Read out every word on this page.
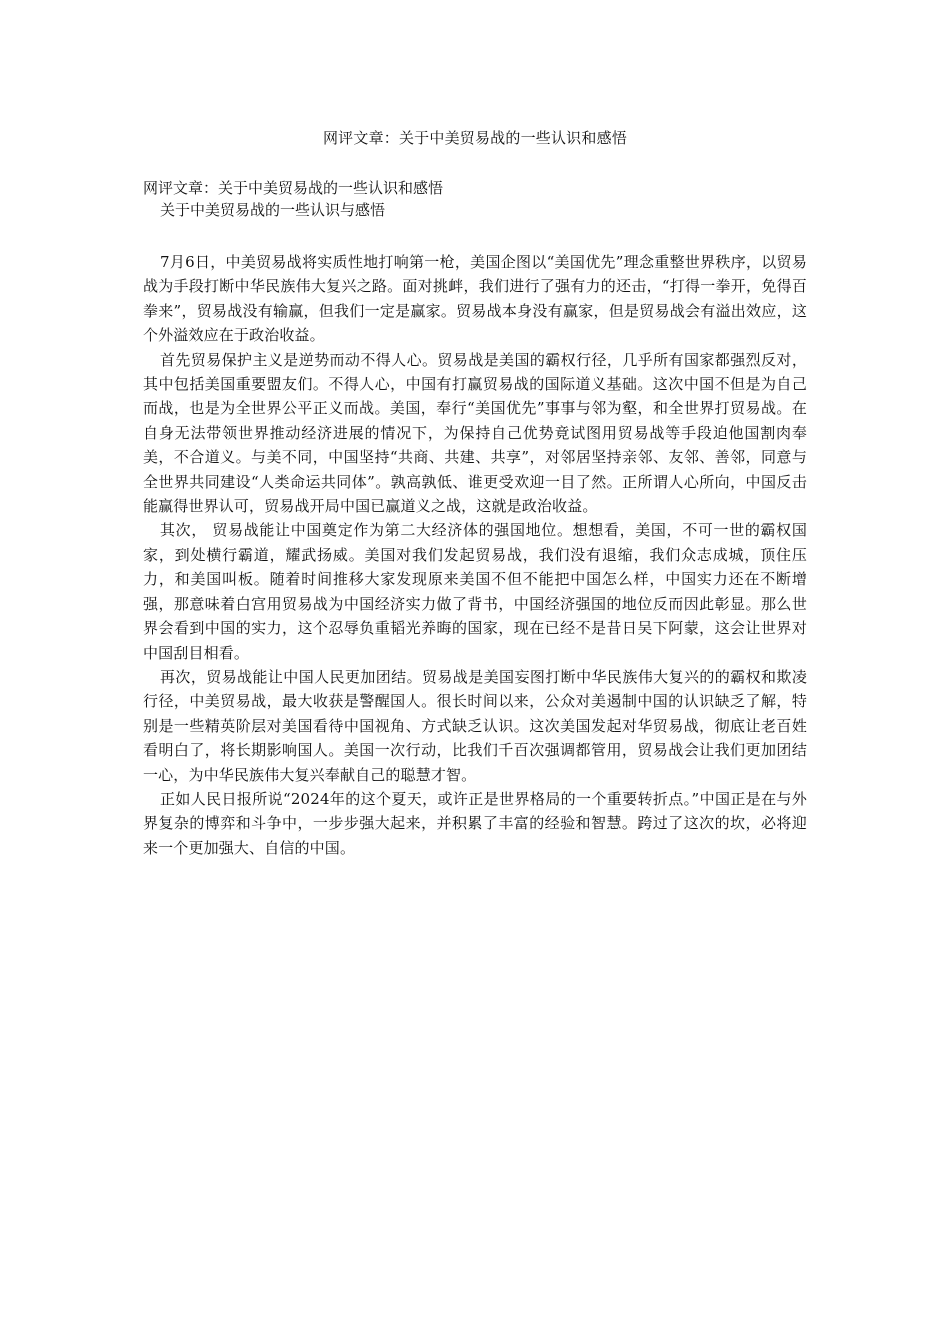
网评文章：关于中美贸易战的一些认识和感悟

网评文章：关于中美贸易战的一些认识和感悟

关于中美贸易战的一些认识与感悟

7月6日，中美贸易战将实质性地打响第一枪，美国企图以“美国优先”理念重整世界秩序，以贸易战为手段打断中华民族伟大复兴之路。面对挑衅，我们进行了强有力的还击，“打得一拳开，免得百拳来”，贸易战没有输赢，但我们一定是赢家。贸易战本身没有赢家，但是贸易战会有溢出效应，这个外溢效应在于政治收益。

首先贸易保护主义是逆势而动不得人心。贸易战是美国的霸权行径，几乎所有国家都强烈反对，其中包括美国重要盟友们。不得人心，中国有打赢贸易战的国际道义基础。这次中国不但是为自己而战，也是为全世界公平正义而战。美国，奉行“美国优先”事事与邻为壑，和全世界打贸易战。在自身无法带领世界推动经济进展的情况下，为保持自己优势竟试图用贸易战等手段迫他国割肉奉美，不合道义。与美不同，中国坚持“共商、共建、共享”，对邻居坚持亲邻、友邻、善邻，同意与全世界共同建设“人类命运共同体”。孰高孰低、谁更受欢迎一目了然。正所谓人心所向，中国反击能赢得世界认可，贸易战开局中国已赢道义之战，这就是政治收益。

其次， 贸易战能让中国奠定作为第二大经济体的强国地位。想想看，美国，不可一世的霸权国家，到处横行霸道，耀武扬威。美国对我们发起贸易战，我们没有退缩，我们众志成城，顶住压力，和美国叫板。随着时间推移大家发现原来美国不但不能把中国怎么样，中国实力还在不断增强，那意味着白宫用贸易战为中国经济实力做了背书，中国经济强国的地位反而因此彰显。那么世界会看到中国的实力，这个忍辱负重韬光养晦的国家，现在已经不是昔日吴下阿蒙，这会让世界对中国刮目相看。

再次，贸易战能让中国人民更加团结。贸易战是美国妄图打断中华民族伟大复兴的的霸权和欺凌行径，中美贸易战，最大收获是警醒国人。很长时间以来，公众对美遏制中国的认识缺乏了解，特别是一些精英阶层对美国看待中国视角、方式缺乏认识。这次美国发起对华贸易战，彻底让老百姓看明白了，将长期影响国人。美国一次行动，比我们千百次强调都管用，贸易战会让我们更加团结一心，为中华民族伟大复兴奉献自己的聪慧才智。

正如人民日报所说“2024年的这个夏天，或许正是世界格局的一个重要转折点。”中国正是在与外界复杂的博弈和斗争中，一步步强大起来，并积累了丰富的经验和智慧。跨过了这次的坎，必将迎来一个更加强大、自信的中国。
